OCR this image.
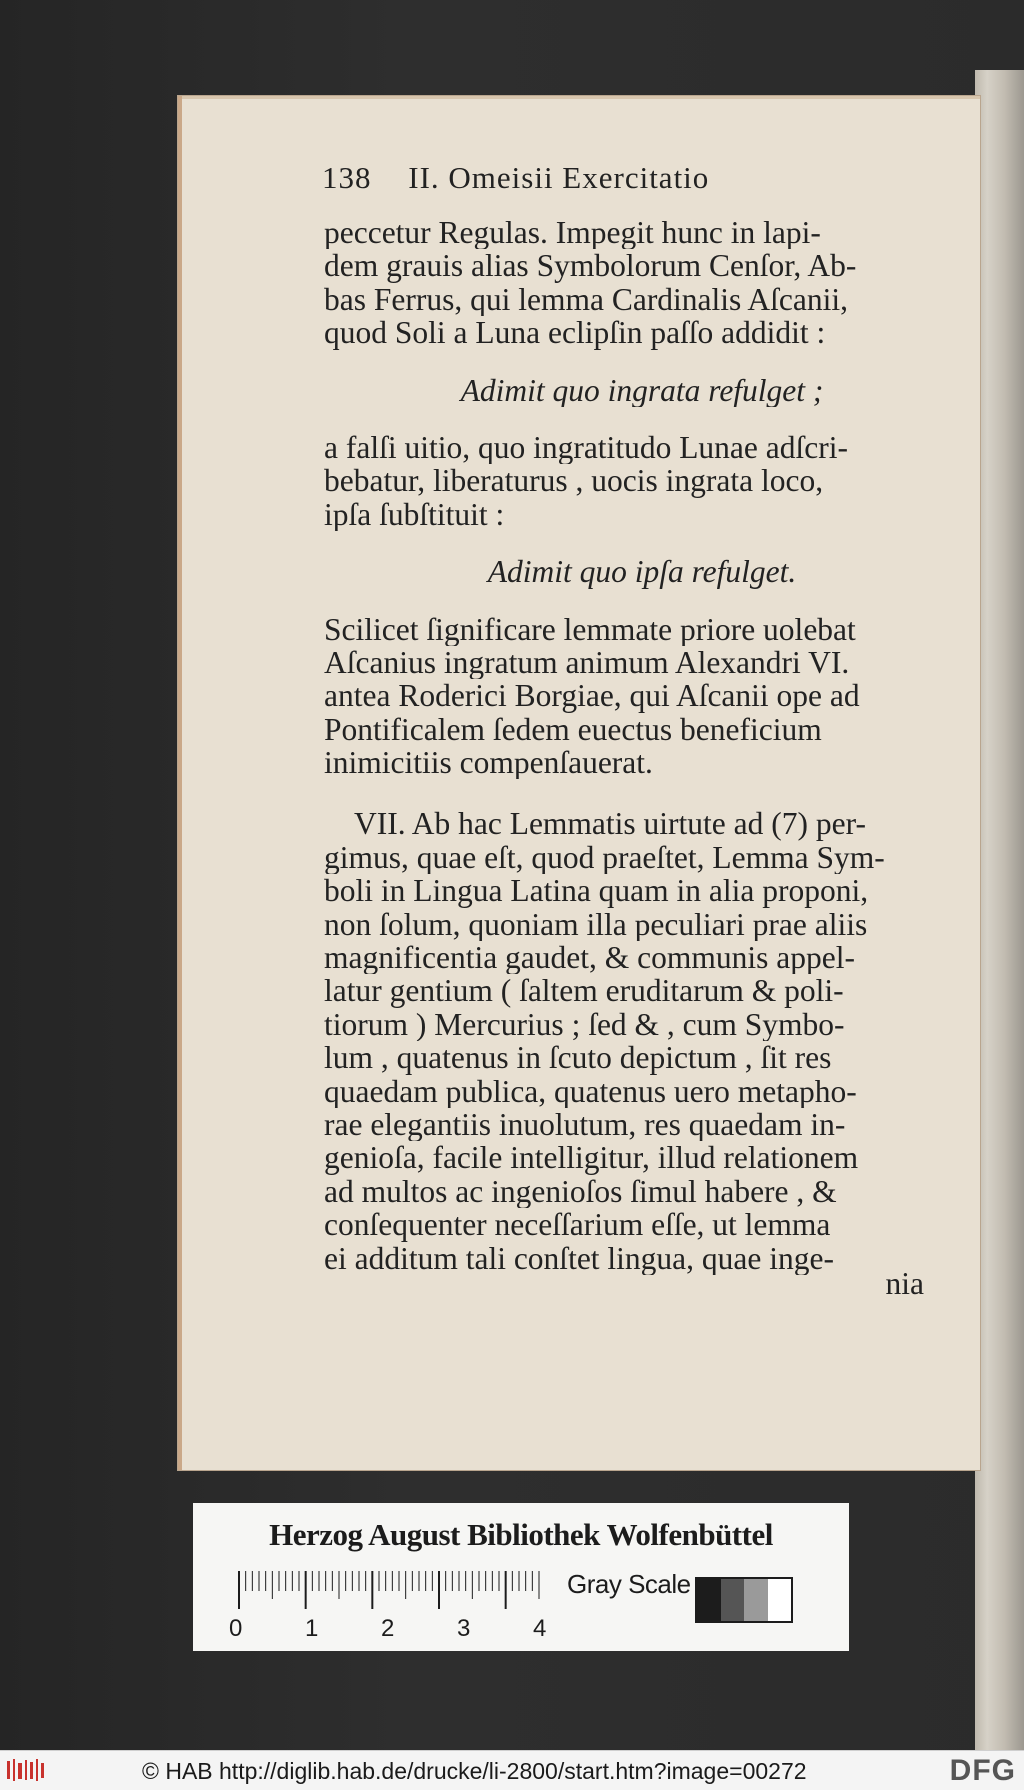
138 II. Omeisii Exercitatio
peccetur Regulas. Impegit hunc in lapi-
dem grauis alias Symbolorum Cenſor, Ab-
bas Ferrus, qui lemma Cardinalis Aſcanii,
quod Soli a Luna eclipſin paſſo addidit :
Adimit quo ingrata refulget ;
a falſi uitio, quo ingratitudo Lunae adſcri-
bebatur, liberaturus , uocis ingrata loco,
ipſa ſubſtituit :
Adimit quo ipſa refulget.
Scilicet ſignificare lemmate priore uolebat
Aſcanius ingratum animum Alexandri VI.
antea Roderici Borgiae, qui Aſcanii ope ad
Pontificalem ſedem euectus beneficium
inimicitiis compenſauerat.
VII. Ab hac Lemmatis uirtute ad (7) per-
gimus, quae eſt, quod praeſtet, Lemma Sym-
boli in Lingua Latina quam in alia proponi,
non ſolum, quoniam illa peculiari prae aliis
magnificentia gaudet, & communis appel-
latur gentium ( ſaltem eruditarum & poli-
tiorum ) Mercurius ; ſed & , cum Symbo-
lum , quatenus in ſcuto depictum , ſit res
quaedam publica, quatenus uero metapho-
rae elegantiis inuolutum, res quaedam in-
genioſa, facile intelligitur, illud relationem
ad multos ac ingenioſos ſimul habere , &
conſequenter neceſſarium eſſe, ut lemma
ei additum tali conſtet lingua, quae inge-
nia
Herzog August Bibliothek Wolfenbüttel
0	1	2	3	4
Gray Scale
© HAB http://diglib.hab.de/drucke/li-2800/start.htm?image=00272	DFG
